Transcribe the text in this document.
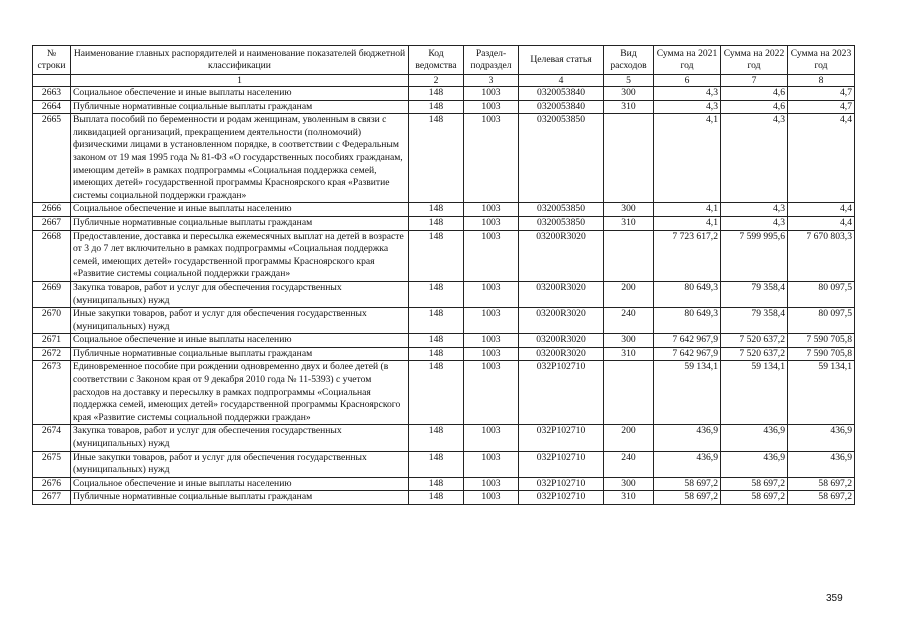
№ строки	Наименование главных распорядителей и наименование показателей бюджетной классификации	Код ведомства	Раздел-подраздел	Целевая статья	Вид расходов	Сумма на 2021 год	Сумма на 2022 год	Сумма на 2023 год
	1	2	3	4	5	6	7	8
2663	Социальное обеспечение и иные выплаты населению	148	1003	0320053840	300	4,3	4,6	4,7
2664	Публичные нормативные социальные выплаты гражданам	148	1003	0320053840	310	4,3	4,6	4,7
2665	Выплата пособий по беременности и родам женщинам, уволенным в связи с ликвидацией организаций, прекращением деятельности (полномочий) физическими лицами в установленном порядке, в соответствии с Федеральным законом от 19 мая 1995 года № 81-ФЗ «О государственных пособиях гражданам, имеющим детей» в рамках подпрограммы «Социальная поддержка семей, имеющих детей» государственной программы Красноярского края «Развитие системы социальной поддержки граждан»	148	1003	0320053850		4,1	4,3	4,4
2666	Социальное обеспечение и иные выплаты населению	148	1003	0320053850	300	4,1	4,3	4,4
2667	Публичные нормативные социальные выплаты гражданам	148	1003	0320053850	310	4,1	4,3	4,4
2668	Предоставление, доставка и пересылка ежемесячных выплат на детей в возрасте от 3 до 7 лет включительно в рамках подпрограммы «Социальная поддержка семей, имеющих детей» государственной программы Красноярского края «Развитие системы социальной поддержки граждан»	148	1003	03200R3020		7 723 617,2	7 599 995,6	7 670 803,3
2669	Закупка товаров, работ и услуг для обеспечения государственных (муниципальных) нужд	148	1003	03200R3020	200	80 649,3	79 358,4	80 097,5
2670	Иные закупки товаров, работ и услуг для обеспечения государственных (муниципальных) нужд	148	1003	03200R3020	240	80 649,3	79 358,4	80 097,5
2671	Социальное обеспечение и иные выплаты населению	148	1003	03200R3020	300	7 642 967,9	7 520 637,2	7 590 705,8
2672	Публичные нормативные социальные выплаты гражданам	148	1003	03200R3020	310	7 642 967,9	7 520 637,2	7 590 705,8
2673	Единовременное пособие при рождении одновременно двух и более детей (в соответствии с Законом края от 9 декабря 2010 года № 11-5393) с учетом расходов на доставку и пересылку в рамках подпрограммы «Социальная поддержка семей, имеющих детей» государственной программы Красноярского края «Развитие системы социальной поддержки граждан»	148	1003	032P102710		59 134,1	59 134,1	59 134,1
2674	Закупка товаров, работ и услуг для обеспечения государственных (муниципальных) нужд	148	1003	032P102710	200	436,9	436,9	436,9
2675	Иные закупки товаров, работ и услуг для обеспечения государственных (муниципальных) нужд	148	1003	032P102710	240	436,9	436,9	436,9
2676	Социальное обеспечение и иные выплаты населению	148	1003	032P102710	300	58 697,2	58 697,2	58 697,2
2677	Публичные нормативные социальные выплаты гражданам	148	1003	032P102710	310	58 697,2	58 697,2	58 697,2
359
